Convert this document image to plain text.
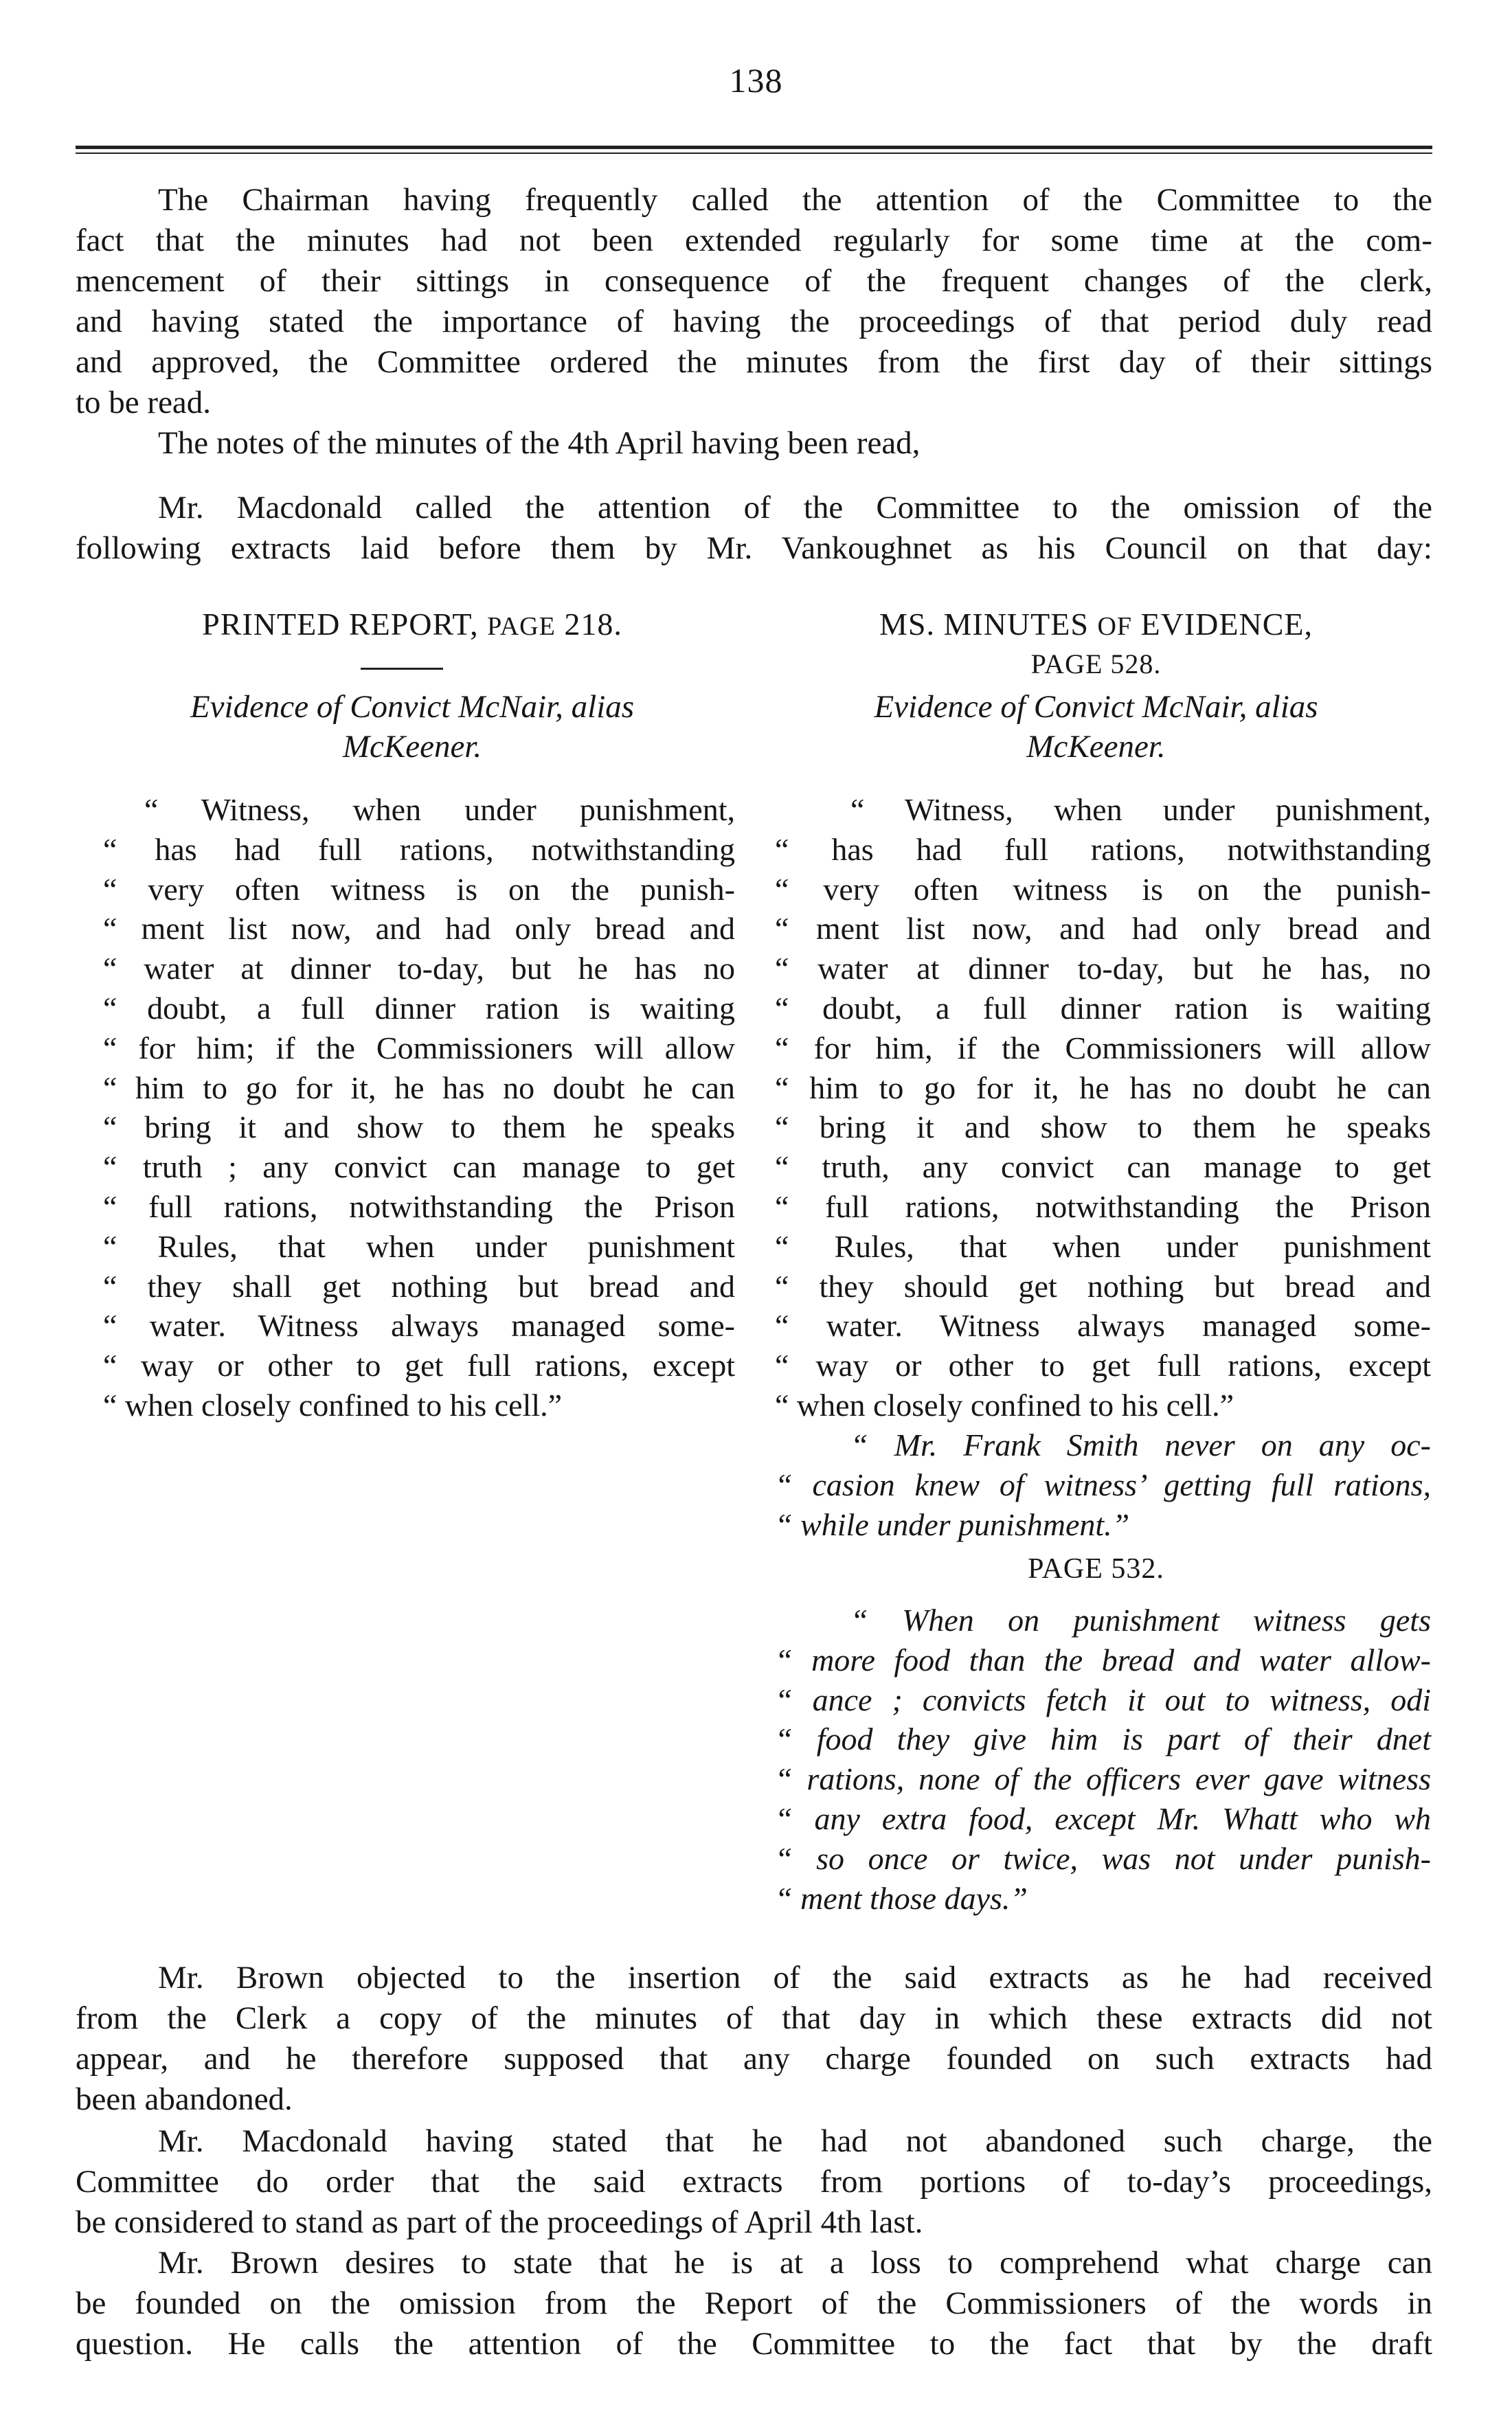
138
The Chairman having frequently called the attention of the Committee to the
fact that the minutes had not been extended regularly for some time at the com-
mencement of their sittings in consequence of the frequent changes of the clerk,
and having stated the importance of having the proceedings of that period duly read
and approved, the Committee ordered the minutes from the first day of their sittings
to be read.
The notes of the minutes of the 4th April having been read,
Mr. Macdonald called the attention of the Committee to the omission of the
following extracts laid before them by Mr. Vankoughnet as his Council on that day:
PRINTED REPORT, PAGE 218.
Evidence of Convict McNair, alias
McKeener.
“ Witness, when under punishment,
“ has had full rations, notwithstanding
“ very often witness is on the punish-
“ ment list now, and had only bread and
“ water at dinner to-day, but he has no
“ doubt, a full dinner ration is waiting
“ for him; if the Commissioners will allow
“ him to go for it, he has no doubt he can
“ bring it and show to them he speaks
“ truth ; any convict can manage to get
“ full rations, notwithstanding the Prison
“ Rules, that when under punishment
“ they shall get nothing but bread and
“ water. Witness always managed some-
“ way or other to get full rations, except
“ when closely confined to his cell.”
MS. MINUTES OF EVIDENCE,
PAGE 528.
Evidence of Convict McNair, alias
McKeener.
“ Witness, when under punishment,
“ has had full rations, notwithstanding
“ very often witness is on the punish-
“ ment list now, and had only bread and
“ water at dinner to-day, but he has, no
“ doubt, a full dinner ration is waiting
“ for him, if the Commissioners will allow
“ him to go for it, he has no doubt he can
“ bring it and show to them he speaks
“ truth, any convict can manage to get
“ full rations, notwithstanding the Prison
“ Rules, that when under punishment
“ they should get nothing but bread and
“ water. Witness always managed some-
“ way or other to get full rations, except
“ when closely confined to his cell.”
“ Mr. Frank Smith never on any oc-
“ casion knew of witness’ getting full rations,
“ while under punishment.”
PAGE 532.
“ When on punishment witness gets
“ more food than the bread and water allow-
“ ance ; convicts fetch it out to witness, odi
“ food they give him is part of their dnet
“ rations, none of the officers ever gave witness
“ any extra food, except Mr. Whatt who wh
“ so once or twice, was not under punish-
“ ment those days.”
Mr. Brown objected to the insertion of the said extracts as he had received
from the Clerk a copy of the minutes of that day in which these extracts did not
appear, and he therefore supposed that any charge founded on such extracts had
been abandoned.
Mr. Macdonald having stated that he had not abandoned such charge, the
Committee do order that the said extracts from portions of to-day’s proceedings,
be considered to stand as part of the proceedings of April 4th last.
Mr. Brown desires to state that he is at a loss to comprehend what charge can
be founded on the omission from the Report of the Commissioners of the words in
question. He calls the attention of the Committee to the fact that by the draft
